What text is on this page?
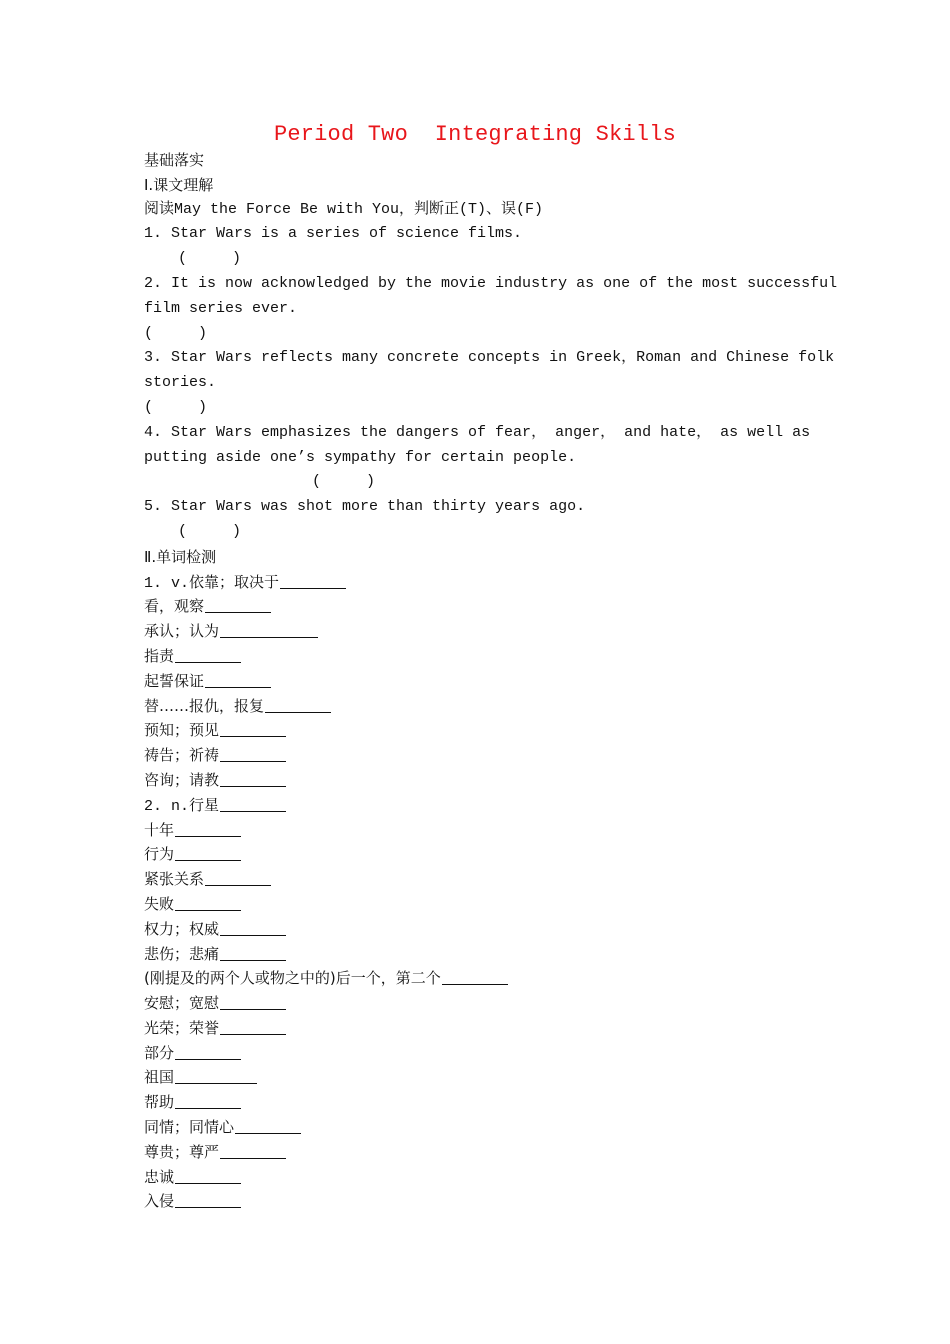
Period Two  Integrating Skills
基础落实
Ⅰ.课文理解
阅读May the Force Be with You，判断正(T)、误(F)
1. Star Wars is a series of science films.
(     )
2. It is now acknowledged by the movie industry as one of the most successful
film series ever.
(     )
3. Star Wars reflects many concrete concepts in Greek，Roman and Chinese folk
stories.
(     )
4. Star Wars emphasizes the dangers of fear， anger， and hate， as well as
putting aside one’s sympathy for certain people.
(     )
5. Star Wars was shot more than thirty years ago.
(     )
Ⅱ.单词检测
1. v.依靠；取决于
看，观察
承认；认为
指责
起誓保证
替……报仇，报复
预知；预见
祷告；祈祷
咨询；请教
2. n.行星
十年
行为
紧张关系
失败
权力；权威
悲伤；悲痛
(刚提及的两个人或物之中的)后一个，第二个
安慰；宽慰
光荣；荣誉
部分
祖国
帮助
同情；同情心
尊贵；尊严
忠诚
入侵
